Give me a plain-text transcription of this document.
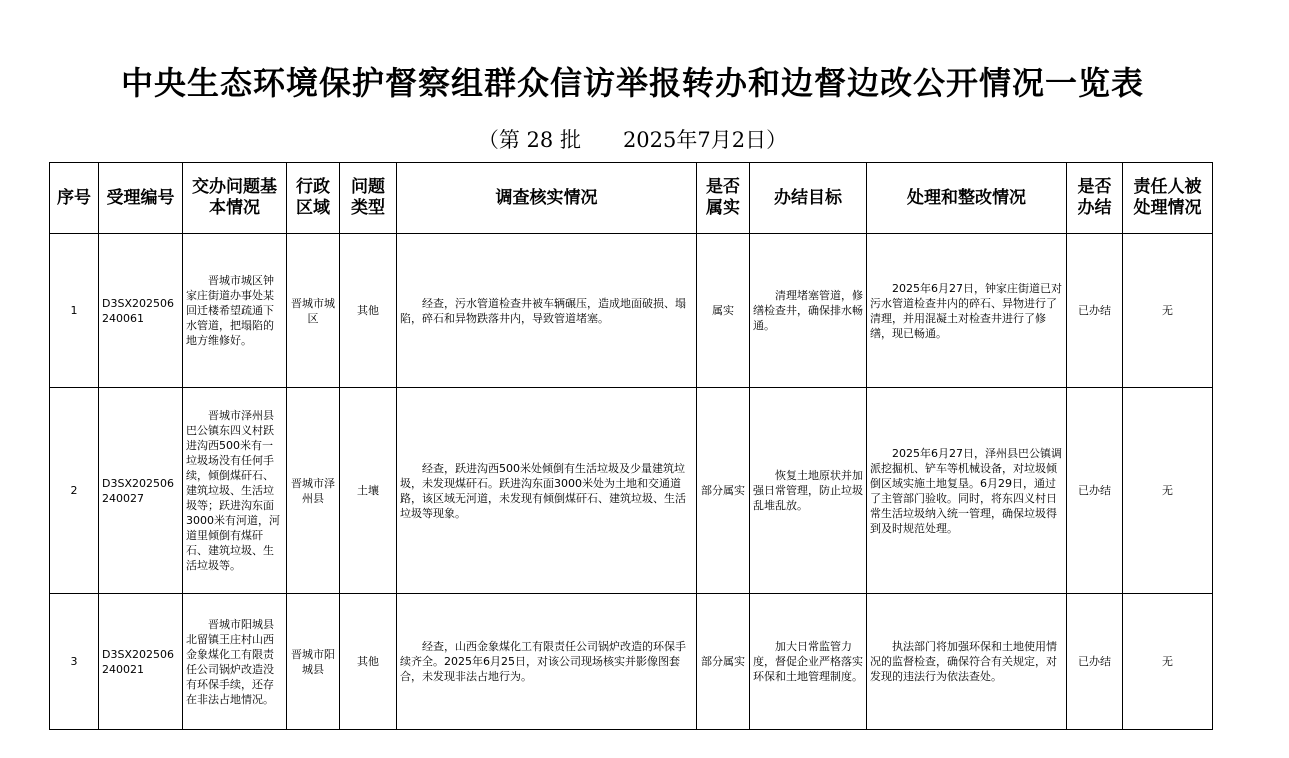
中央生态环境保护督察组群众信访举报转办和边督边改公开情况一览表
（第 28 批　　2025年7月2日）
序号	受理编号	交办问题基本情况	行政区域	问题类型	调查核实情况	是否属实	办结目标	处理和整改情况	是否办结	责任人被处理情况
1	D3SX202506240061	晋城市城区钟家庄街道办事处某回迁楼希望疏通下水管道，把塌陷的地方维修好。	晋城市城区	其他	经查，污水管道检查井被车辆碾压，造成地面破损、塌陷，碎石和异物跌落井内，导致管道堵塞。	属实	清理堵塞管道，修缮检查井，确保排水畅通。	2025年6月27日，钟家庄街道已对污水管道检查井内的碎石、异物进行了清理，并用混凝土对检查井进行了修缮，现已畅通。	已办结	无
2	D3SX202506240027	晋城市泽州县巴公镇东四义村跃进沟西500米有一垃圾场没有任何手续，倾倒煤矸石、建筑垃圾、生活垃圾等；跃进沟东面3000米有河道，河道里倾倒有煤矸石、建筑垃圾、生活垃圾等。	晋城市泽州县	土壤	经查，跃进沟西500米处倾倒有生活垃圾及少量建筑垃圾，未发现煤矸石。跃进沟东面3000米处为土地和交通道路，该区域无河道，未发现有倾倒煤矸石、建筑垃圾、生活垃圾等现象。	部分属实	恢复土地原状并加强日常管理，防止垃圾乱堆乱放。	2025年6月27日，泽州县巴公镇调派挖掘机、铲车等机械设备，对垃圾倾倒区域实施土地复垦。6月29日，通过了主管部门验收。同时，将东四义村日常生活垃圾纳入统一管理，确保垃圾得到及时规范处理。	已办结	无
3	D3SX202506240021	晋城市阳城县北留镇王庄村山西金象煤化工有限责任公司锅炉改造没有环保手续，还存在非法占地情况。	晋城市阳城县	其他	经查，山西金象煤化工有限责任公司锅炉改造的环保手续齐全。2025年6月25日，对该公司现场核实并影像图套合，未发现非法占地行为。	部分属实	加大日常监管力度，督促企业严格落实环保和土地管理制度。	执法部门将加强环保和土地使用情况的监督检查，确保符合有关规定，对发现的违法行为依法查处。	已办结	无
